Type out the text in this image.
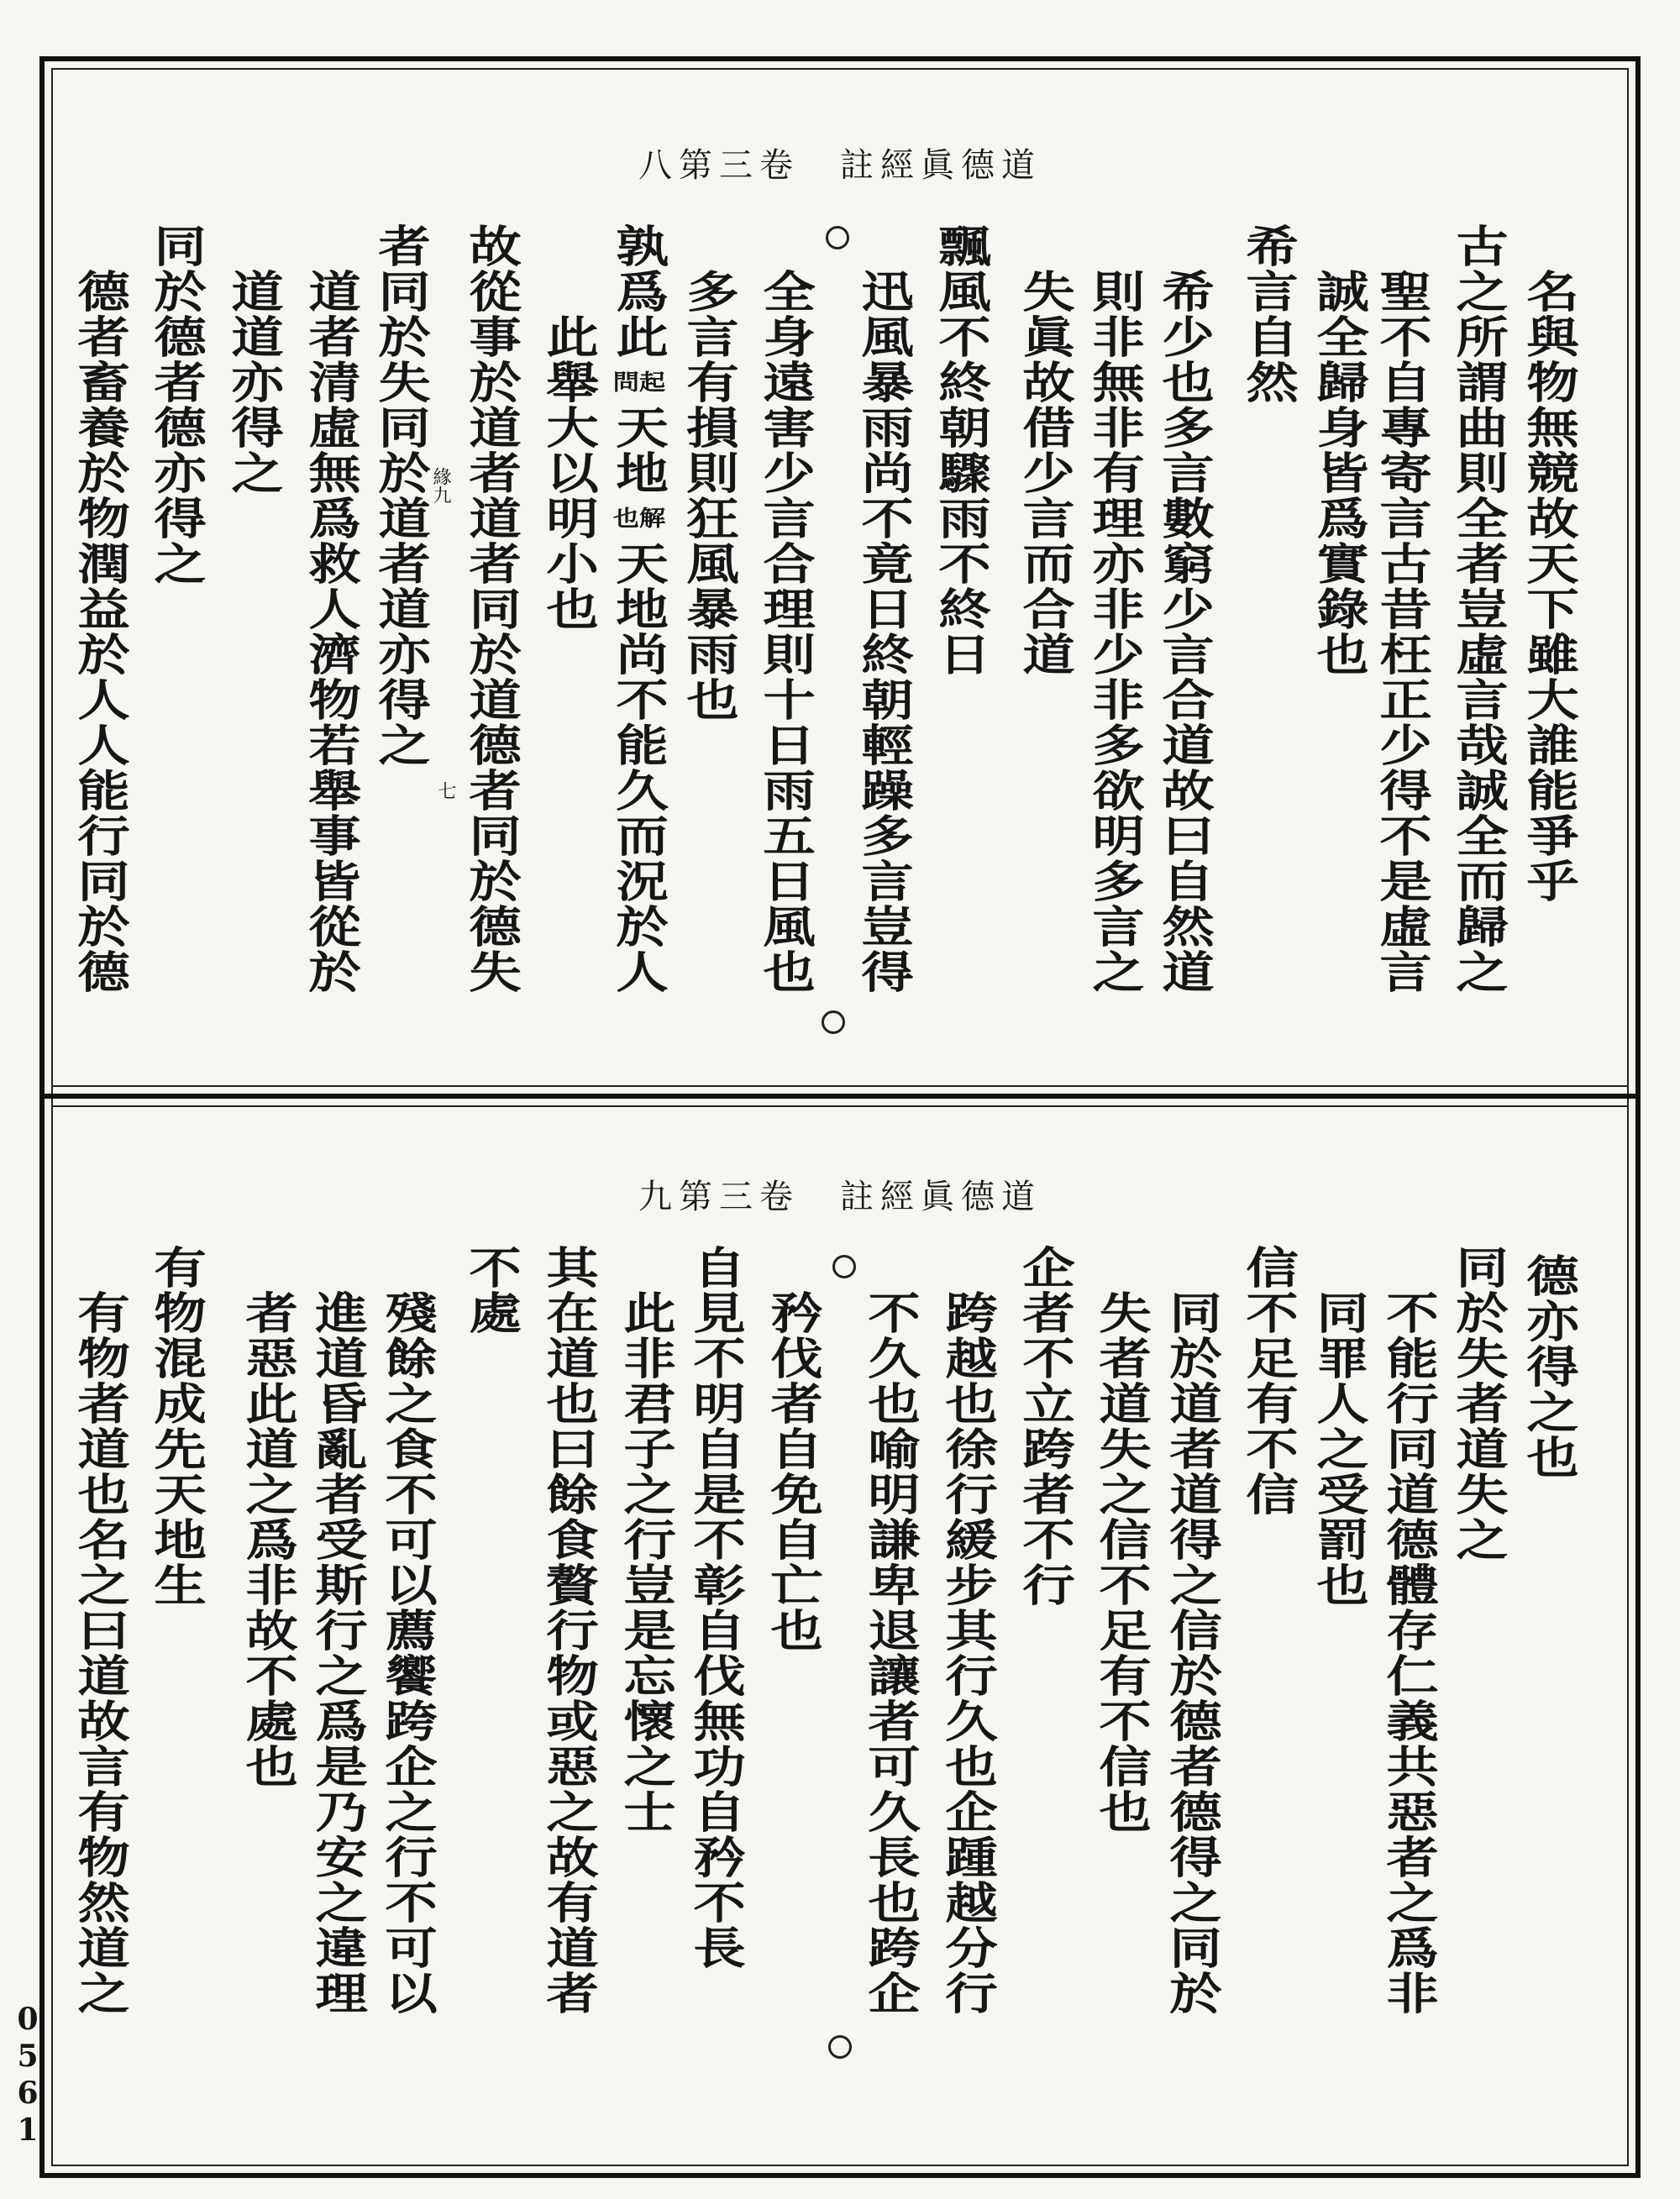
道德眞經註　卷三第八
名與物無競故天下雖大誰能爭乎
古之所謂曲則全者豈虛言哉誠全而歸之
聖不自專寄言古昔枉正少得不是虛言
誠全歸身皆爲實錄也
希言自然
希少也多言數窮少言合道故曰自然道
則非無非有理亦非少非多欲明多言之
失眞故借少言而合道
飄風不終朝驟雨不終日
迅風暴雨尚不竟日終朝輕躁多言豈得
全身遠害少言合理則十日雨五日風也
多言有損則狂風暴雨也
孰爲此
起問
天地
解也
天地尚不能久而況於人
此舉大以明小也
故從事於道者道者同於道德者同於德失
緣九
七
者同於失同於道者道亦得之
道者清虛無爲救人濟物若舉事皆從於
道道亦得之
同於德者德亦得之
德者畜養於物潤益於人人能行同於德
道德眞經註　卷三第九
德亦得之也
同於失者道失之
不能行同道德體存仁義共惡者之爲非
同罪人之受罰也
信不足有不信
同於道者道得之信於德者德得之同於
失者道失之信不足有不信也
企者不立跨者不行
跨越也徐行緩步其行久也企踵越分行
不久也喻明謙卑退讓者可久長也跨企
矜伐者自免自亡也
自見不明自是不彰自伐無功自矜不長
此非君子之行豈是忘懷之士
其在道也曰餘食贅行物或惡之故有道者
不處
殘餘之食不可以薦饗跨企之行不可以
進道昏亂者受斯行之爲是乃安之違理
者惡此道之爲非故不處也
有物混成先天地生
有物者道也名之曰道故言有物然道之
0561
